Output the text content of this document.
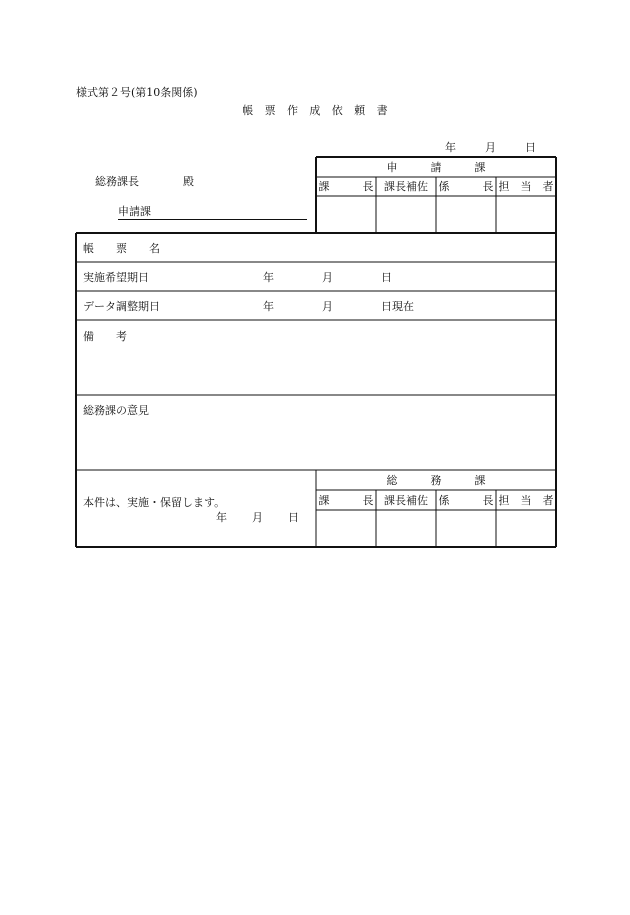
様式第２号(第10条関係)
帳　票　作　成　依　頼　書
年	月	日
総務課長	殿
申請課
申　　　請　　　課
課　　　長 課長補佐 係　　　長 担　当　者
帳　　票　　名
実施希望期日	年	月	日
データ調整期日	年	月	日現在
備　　考
総務課の意見
本件は、実施・保留します。
年 月 日
総　　　務　　　課
課　　　長 課長補佐 係　　　長 担　当　者
